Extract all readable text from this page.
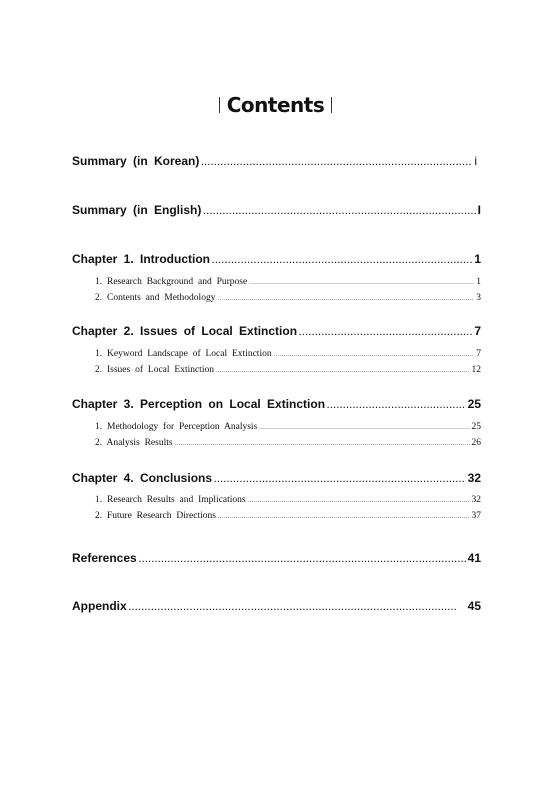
Contents
Summary (in Korean) .....	i
Summary (in English) .....	I
Chapter 1. Introduction .....	1
1. Research Background and Purpose .....	1
2. Contents and Methodology .....	3
Chapter 2. Issues of Local Extinction .....	7
1. Keyword Landscape of Local Extinction .....	7
2. Issues of Local Extinction .....	12
Chapter 3. Perception on Local Extinction .....	25
1. Methodology for Perception Analysis .....	25
2. Analysis Results .....	26
Chapter 4. Conclusions .....	32
1. Research Results and Implications .....	32
2. Future Research Directions .....	37
References .....	41
Appendix .....	45
